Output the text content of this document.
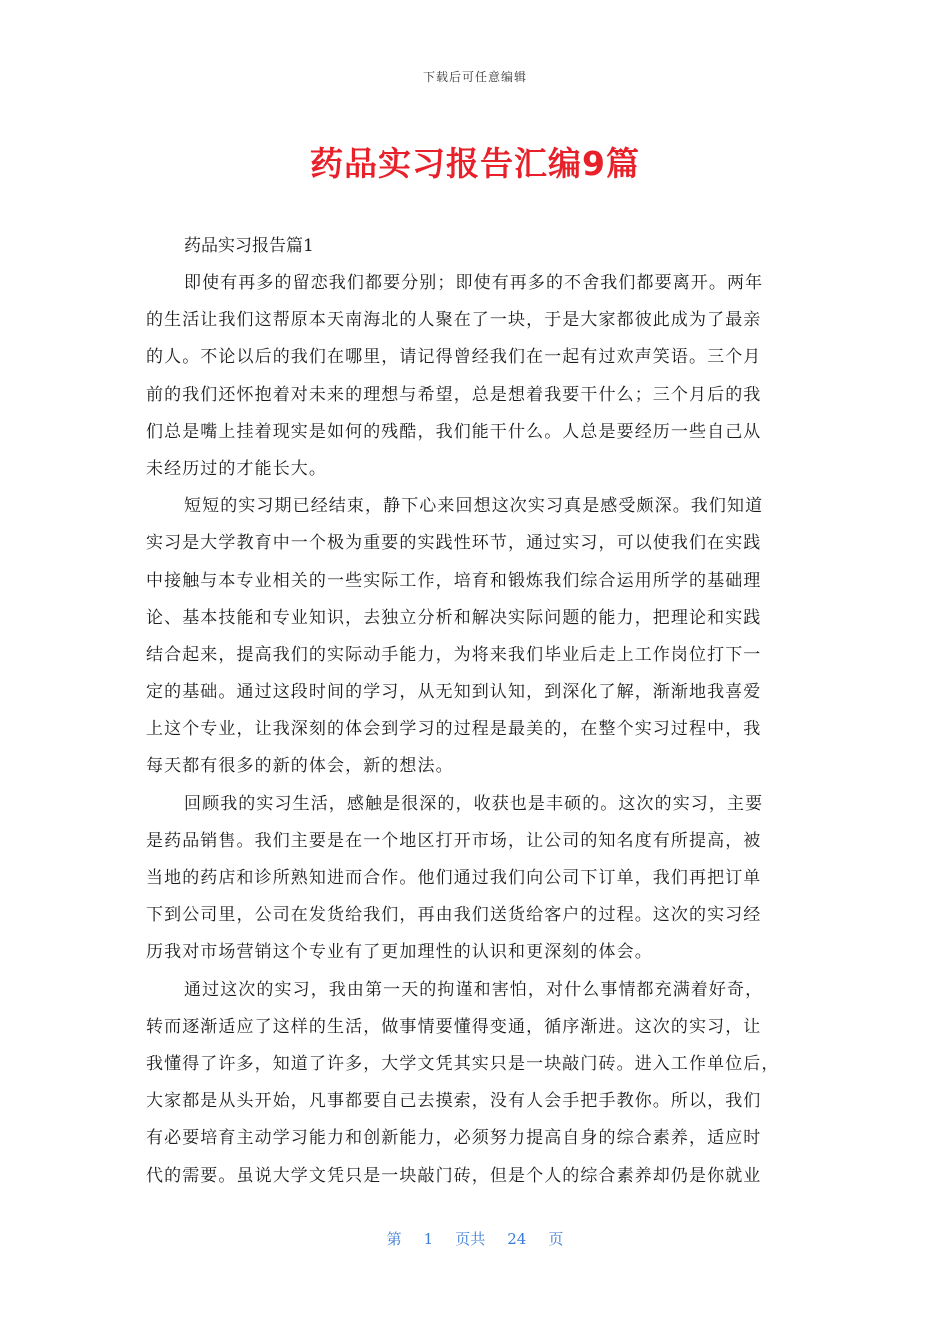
下载后可任意编辑
药品实习报告汇编9篇

药品实习报告篇1

即使有再多的留恋我们都要分别；即使有再多的不舍我们都要离开。两年
的生活让我们这帮原本天南海北的人聚在了一块，于是大家都彼此成为了最亲
的人。不论以后的我们在哪里，请记得曾经我们在一起有过欢声笑语。三个月
前的我们还怀抱着对未来的理想与希望，总是想着我要干什么；三个月后的我
们总是嘴上挂着现实是如何的残酷，我们能干什么。人总是要经历一些自己从
未经历过的才能长大。

短短的实习期已经结束，静下心来回想这次实习真是感受颇深。我们知道
实习是大学教育中一个极为重要的实践性环节，通过实习，可以使我们在实践
中接触与本专业相关的一些实际工作，培育和锻炼我们综合运用所学的基础理
论、基本技能和专业知识，去独立分析和解决实际问题的能力，把理论和实践
结合起来，提高我们的实际动手能力，为将来我们毕业后走上工作岗位打下一
定的基础。通过这段时间的学习，从无知到认知，到深化了解，渐渐地我喜爱
上这个专业，让我深刻的体会到学习的过程是最美的，在整个实习过程中，我
每天都有很多的新的体会，新的想法。

回顾我的实习生活，感触是很深的，收获也是丰硕的。这次的实习，主要
是药品销售。我们主要是在一个地区打开市场，让公司的知名度有所提高，被
当地的药店和诊所熟知进而合作。他们通过我们向公司下订单，我们再把订单
下到公司里，公司在发货给我们，再由我们送货给客户的过程。这次的实习经
历我对市场营销这个专业有了更加理性的认识和更深刻的体会。

通过这次的实习，我由第一天的拘谨和害怕，对什么事情都充满着好奇，
转而逐渐适应了这样的生活，做事情要懂得变通，循序渐进。这次的实习，让
我懂得了许多，知道了许多，大学文凭其实只是一块敲门砖。进入工作单位后，
大家都是从头开始，凡事都要自己去摸索，没有人会手把手教你。所以，我们
有必要培育主动学习能力和创新能力，必须努力提高自身的综合素养，适应时
代的需要。虽说大学文凭只是一块敲门砖，但是个人的综合素养却仍是你就业

第 1 页共 24 页
